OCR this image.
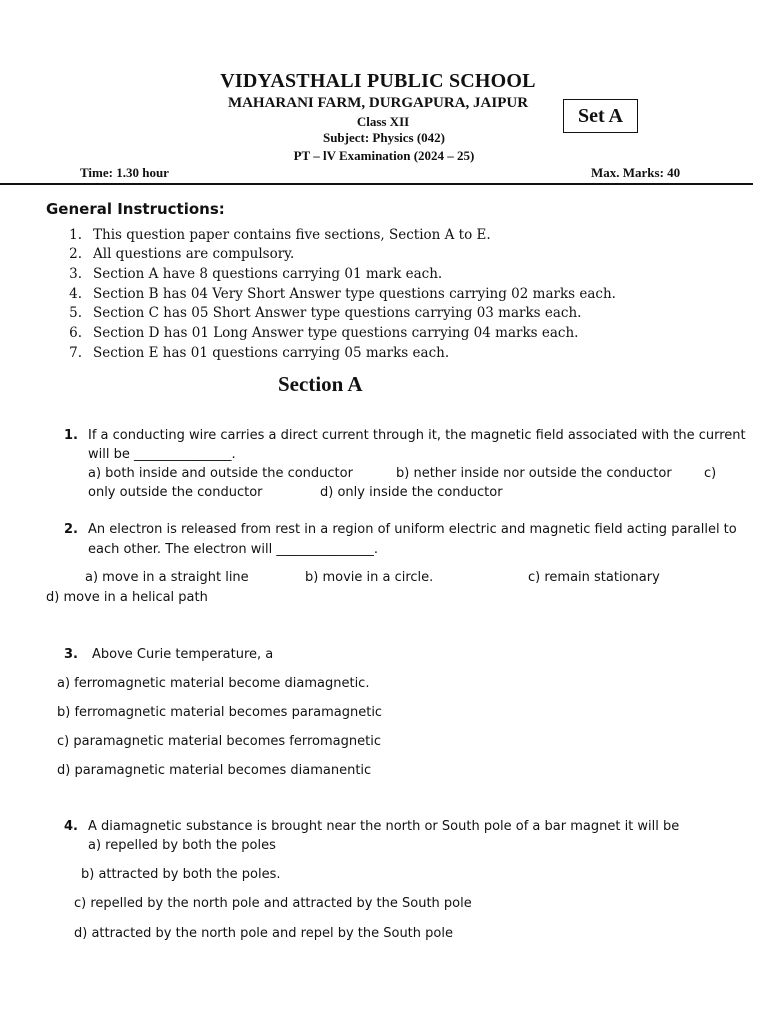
VIDYASTHALI PUBLIC SCHOOL
MAHARANI FARM, DURGAPURA, JAIPUR
Class XII
Subject: Physics (042)
PT – lV Examination (2024 – 25)
Set A
Time: 1.30 hour	Max. Marks: 40
General Instructions:
1. This question paper contains five sections, Section A to E.
2. All questions are compulsory.
3. Section A have 8 questions carrying 01 mark each.
4. Section B has 04 Very Short Answer type questions carrying 02 marks each.
5. Section C has 05 Short Answer type questions carrying 03 marks each.
6. Section D has 01 Long Answer type questions carrying 04 marks each.
7. Section E has 01 questions carrying 05 marks each.
Section A
1. If a conducting wire carries a direct current through it, the magnetic field associated with the current
will be _______________.
a) both inside and outside the conductor	b) nether inside nor outside the conductor c)
only outside the conductor	d) only inside the conductor
2. An electron is released from rest in a region of uniform electric and magnetic field acting parallel to
each other. The electron will _______________.
a) move in a straight line	b) movie in a circle.	c) remain stationary
d) move in a helical path
3. Above Curie temperature, a
a) ferromagnetic material become diamagnetic.
b) ferromagnetic material becomes paramagnetic
c) paramagnetic material becomes ferromagnetic
d) paramagnetic material becomes diamanentic
4. A diamagnetic substance is brought near the north or South pole of a bar magnet it will be
a) repelled by both the poles
b) attracted by both the poles.
c) repelled by the north pole and attracted by the South pole
d) attracted by the north pole and repel by the South pole
